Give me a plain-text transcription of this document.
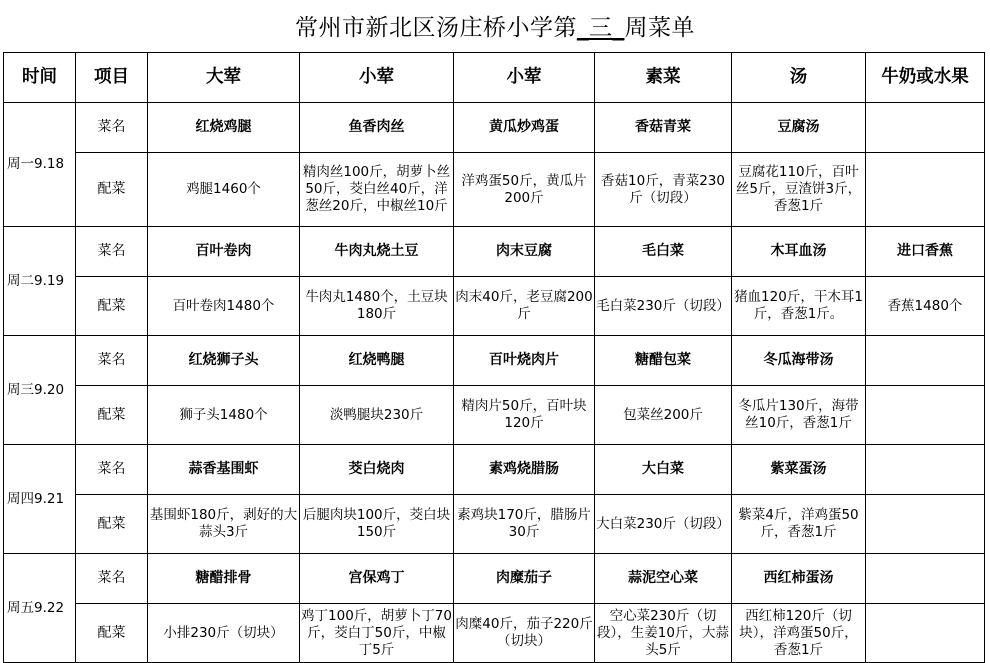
常州市新北区汤庄桥小学第_三_周菜单
时间	项目	大荤	小荤	小荤	素菜	汤	牛奶或水果
周一9.18	菜名	红烧鸡腿	鱼香肉丝	黄瓜炒鸡蛋	香菇青菜	豆腐汤	
	配菜	鸡腿1460个	精肉丝100斤，胡萝卜丝50斤，茭白丝40斤，洋葱丝20斤，中椒丝10斤	洋鸡蛋50斤，黄瓜片200斤	香菇10斤，青菜230斤（切段）	豆腐花110斤，百叶丝5斤，豆渣饼3斤，香葱1斤	
周二9.19	菜名	百叶卷肉	牛肉丸烧土豆	肉末豆腐	毛白菜	木耳血汤	进口香蕉
	配菜	百叶卷肉1480个	牛肉丸1480个，土豆块180斤	肉末40斤，老豆腐200斤	毛白菜230斤（切段）	猪血120斤，干木耳1斤，香葱1斤。	香蕉1480个
周三9.20	菜名	红烧狮子头	红烧鸭腿	百叶烧肉片	糖醋包菜	冬瓜海带汤	
	配菜	狮子头1480个	淡鸭腿块230斤	精肉片50斤，百叶块120斤	包菜丝200斤	冬瓜片130斤，海带丝10斤，香葱1斤	
周四9.21	菜名	蒜香基围虾	茭白烧肉	素鸡烧腊肠	大白菜	紫菜蛋汤	
	配菜	基围虾180斤，剥好的大蒜头3斤	后腿肉块100斤，茭白块150斤	素鸡块170斤，腊肠片30斤	大白菜230斤（切段）	紫菜4斤，洋鸡蛋50斤，香葱1斤	
周五9.22	菜名	糖醋排骨	宫保鸡丁	肉糜茄子	蒜泥空心菜	西红柿蛋汤	
	配菜	小排230斤（切块）	鸡丁100斤，胡萝卜丁70斤，茭白丁50斤，中椒丁5斤	肉糜40斤，茄子220斤（切块）	空心菜230斤（切段），生姜10斤，大蒜头5斤	西红柿120斤（切块），洋鸡蛋50斤，香葱1斤	
